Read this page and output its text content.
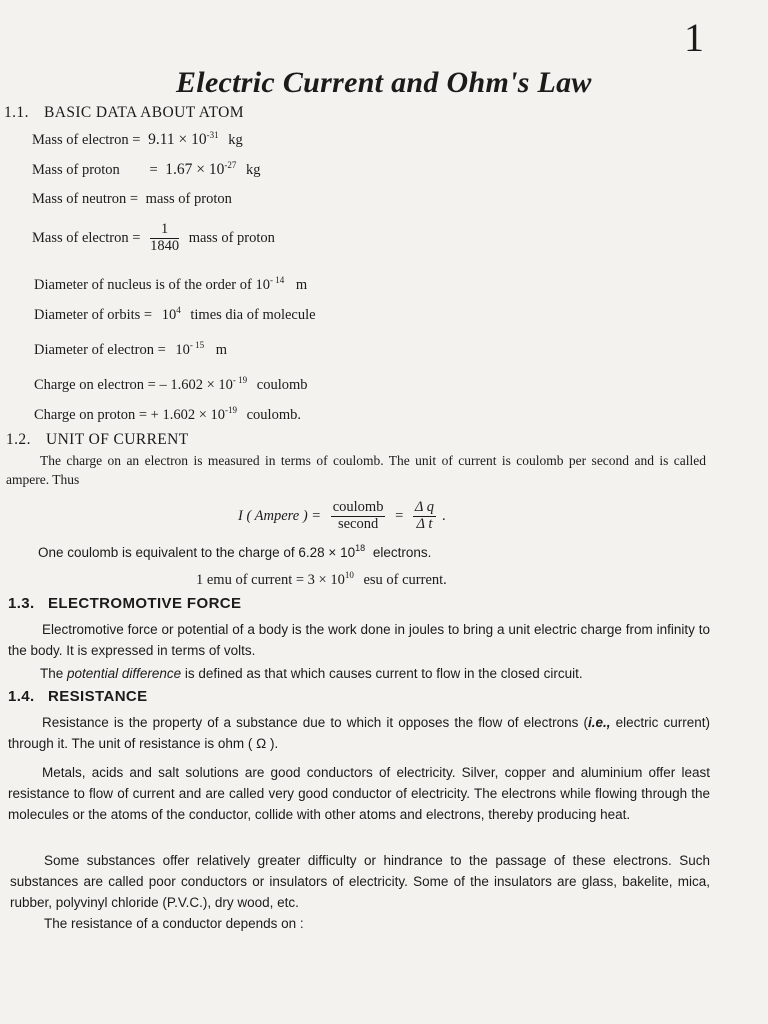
1
Electric Current and Ohm's Law
1.1. BASIC DATA ABOUT ATOM
Mass of electron = $9.11 \times 10^{-31}$ kg
Mass of proton = $1.67 \times 10^{-27}$ kg
Mass of neutron = mass of proton
Mass of electron = $\frac{1}{1840}$ mass of proton
Diameter of nucleus is of the order of $10^{- 14}$ m
Diameter of orbits = $10^4$ times dia of molecule
Diameter of electron = $10^{- 15}$ m
Charge on electron = – $1.602 \times 10^{- 19}$ coulomb
Charge on proton = + $1.602 \times 10^{-19}$ coulomb.
1.2. UNIT OF CURRENT
The charge on an electron is measured in terms of coulomb. The unit of current is coulomb per second and is called ampere. Thus
I ( Ampere ) = $\frac{\text{coulomb}}{\text{second}} = \frac{\text{Δ q}}{\text{Δ t}}$ .
One coulomb is equivalent to the charge of $6.28 \times 10^{18}$ electrons.
1 emu of current = $3 \times 10^{10}$ esu of current.
1.3. ELECTROMOTIVE FORCE
Electromotive force or potential of a body is the work done in joules to bring a unit electric charge from infinity to the body. It is expressed in terms of volts.
The potential difference is defined as that which causes current to flow in the closed circuit.
1.4. RESISTANCE
Resistance is the property of a substance due to which it opposes the flow of electrons (i.e., electric current) through it. The unit of resistance is ohm ( Ω ).
Metals, acids and salt solutions are good conductors of electricity. Silver, copper and aluminium offer least resistance to flow of current and are called very good conductor of electricity. The electrons while flowing through the molecules or the atoms of the conductor, collide with other atoms and electrons, thereby producing heat.
Some substances offer relatively greater difficulty or hindrance to the passage of these electrons. Such substances are called poor conductors or insulators of electricity. Some of the insulators are glass, bakelite, mica, rubber, polyvinyl chloride (P.V.C.), dry wood, etc.
The resistance of a conductor depends on :
